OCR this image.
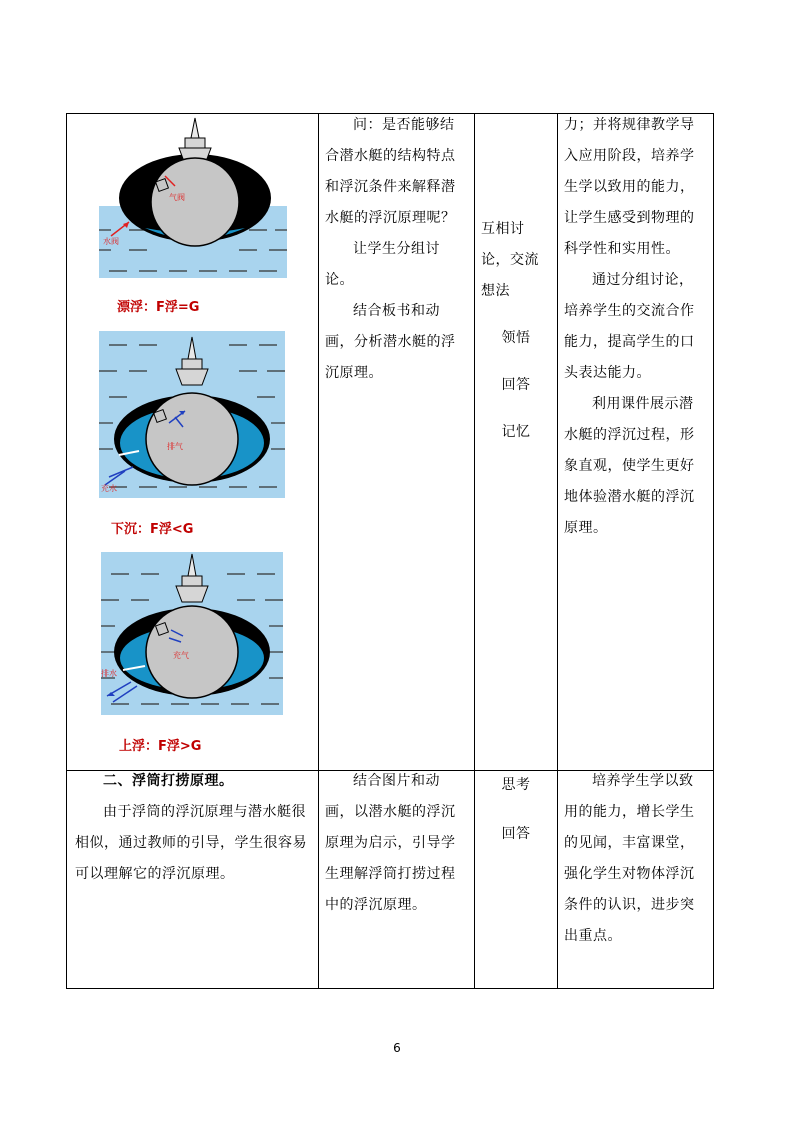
气阀
水阀
漂浮：F浮=G
排气
充水
下沉：F浮<G
充气
排水
上浮：F浮>G

问：是否能够结合潜水艇的结构特点和浮沉条件来解释潜水艇的浮沉原理呢？

让学生分组讨论。

结合板书和动画，分析潜水艇的浮沉原理。

互相讨论，交流想法

领悟

回答

记忆

力；并将规律教学导入应用阶段，培养学生学以致用的能力，让学生感受到物理的科学性和实用性。

通过分组讨论，培养学生的交流合作能力，提高学生的口头表达能力。

利用课件展示潜水艇的浮沉过程，形象直观，使学生更好地体验潜水艇的浮沉原理。

二、浮筒打捞原理。

由于浮筒的浮沉原理与潜水艇很相似，通过教师的引导，学生很容易可以理解它的浮沉原理。

结合图片和动画，以潜水艇的浮沉原理为启示，引导学生理解浮筒打捞过程中的浮沉原理。

思考

回答

培养学生学以致用的能力，增长学生的见闻，丰富课堂，强化学生对物体浮沉条件的认识，进步突出重点。

6
